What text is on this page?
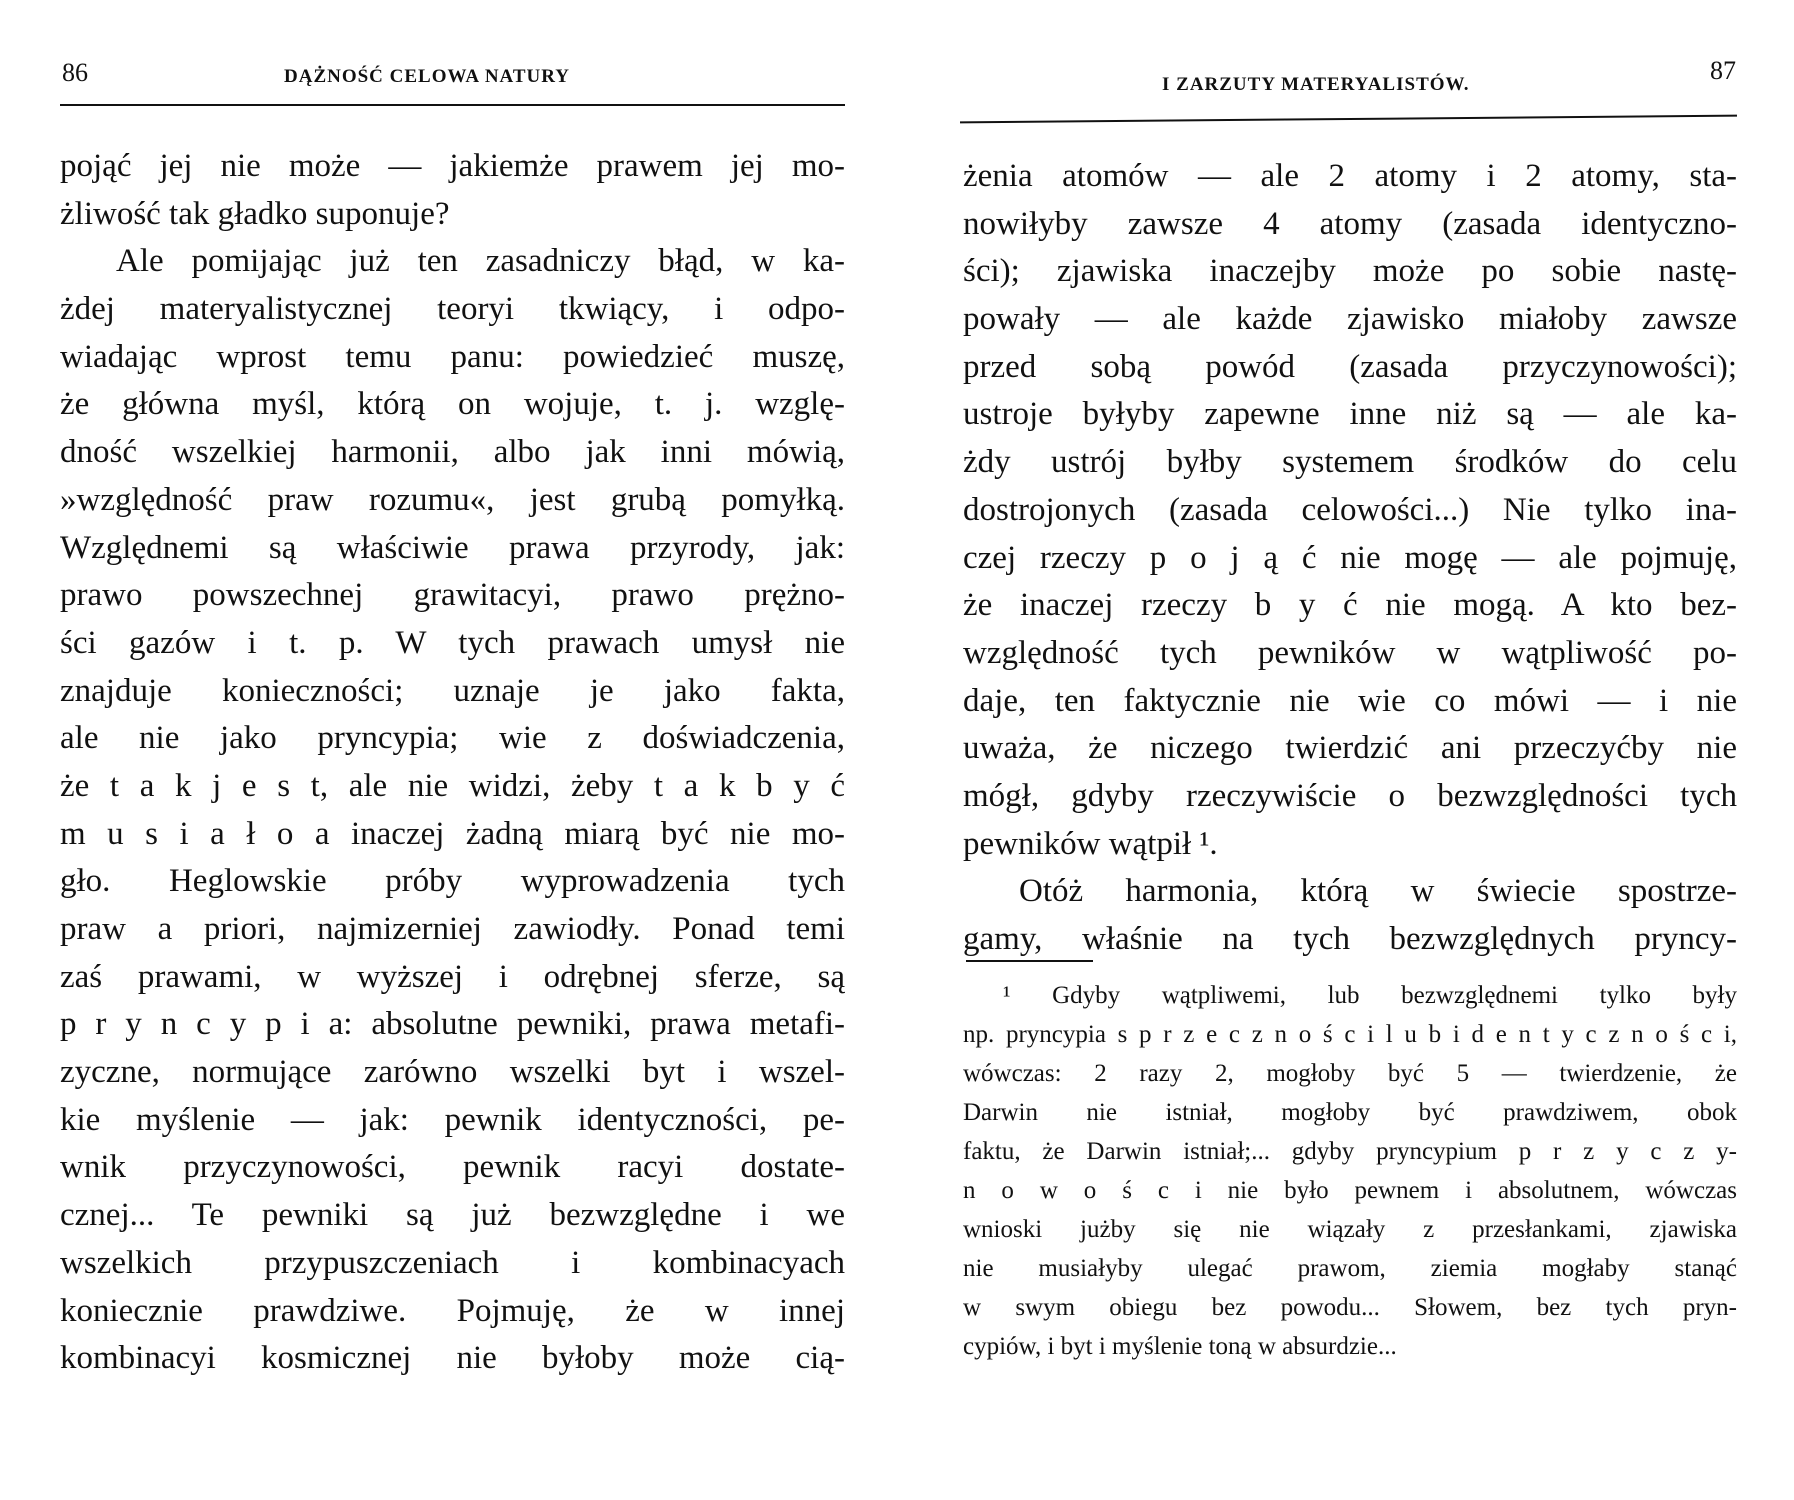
86	DĄŻNOŚĆ CELOWA NATURY
pojąć jej nie może — jakiemże prawem jej mo-
żliwość tak gładko suponuje?
Ale pomijając już ten zasadniczy błąd, w ka-
żdej materyalistycznej teoryi tkwiący, i odpo-
wiadając wprost temu panu: powiedzieć muszę,
że główna myśl, którą on wojuje, t. j. wzglę-
dność wszelkiej harmonii, albo jak inni mówią,
»względność praw rozumu«, jest grubą pomyłką.
Względnemi są właściwie prawa przyrody, jak:
prawo powszechnej grawitacyi, prawo prężno-
ści gazów i t. p. W tych prawach umysł nie
znajduje konieczności; uznaje je jako fakta,
ale nie jako pryncypia; wie z doświadczenia,
że t a k j e s t, ale nie widzi, żeby t a k b y ć
m u s i a ł o a inaczej żadną miarą być nie mo-
gło. Heglowskie próby wyprowadzenia tych
praw a priori, najmizerniej zawiodły. Ponad temi
zaś prawami, w wyższej i odrębnej sferze, są
p r y n c y p i a: absolutne pewniki, prawa metafi-
zyczne, normujące zarówno wszelki byt i wszel-
kie myślenie — jak: pewnik identyczności, pe-
wnik przyczynowości, pewnik racyi dostate-
cznej... Te pewniki są już bezwzględne i we
wszelkich przypuszczeniach i kombinacyach
koniecznie prawdziwe. Pojmuję, że w innej
kombinacyi kosmicznej nie byłoby może cią-
I ZARZUTY MATERYALISTÓW.	87
żenia atomów — ale 2 atomy i 2 atomy, sta-
nowiłyby zawsze 4 atomy (zasada identyczno-
ści); zjawiska inaczejby może po sobie nastę-
powały — ale każde zjawisko miałoby zawsze
przed sobą powód (zasada przyczynowości);
ustroje byłyby zapewne inne niż są — ale ka-
żdy ustrój byłby systemem środków do celu
dostrojonych (zasada celowości...) Nie tylko ina-
czej rzeczy p o j ą ć nie mogę — ale pojmuję,
że inaczej rzeczy b y ć nie mogą. A kto bez-
względność tych pewników w wątpliwość po-
daje, ten faktycznie nie wie co mówi — i nie
uważa, że niczego twierdzić ani przeczyćby nie
mógł, gdyby rzeczywiście o bezwzględności tych
pewników wątpił ¹.
Otóż harmonia, którą w świecie spostrze-
gamy, właśnie na tych bezwzględnych pryncy-
¹ Gdyby wątpliwemi, lub bezwzględnemi tylko były
np. pryncypia s p r z e c z n o ś c i l u b i d e n t y c z n o ś c i,
wówczas: 2 razy 2, mogłoby być 5 — twierdzenie, że
Darwin nie istniał, mogłoby być prawdziwem, obok
faktu, że Darwin istniał;... gdyby pryncypium p r z y c z y-
n o w o ś c i nie było pewnem i absolutnem, wówczas
wnioski jużby się nie wiązały z przesłankami, zjawiska
nie musiałyby ulegać prawom, ziemia mogłaby stanąć
w swym obiegu bez powodu... Słowem, bez tych pryn-
cypiów, i byt i myślenie toną w absurdzie...
